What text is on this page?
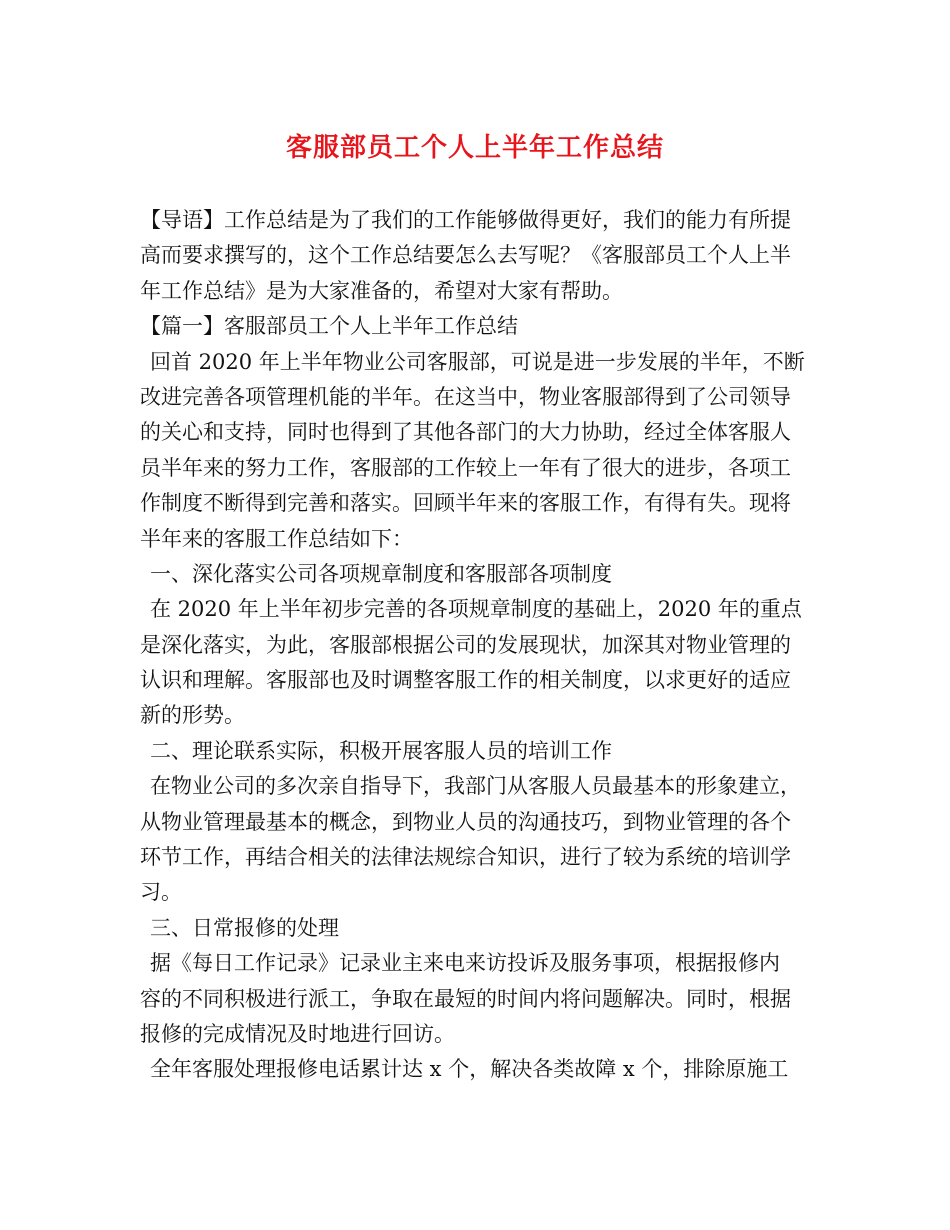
客服部员工个人上半年工作总结
【导语】工作总结是为了我们的工作能够做得更好，我们的能力有所提
高而要求撰写的，这个工作总结要怎么去写呢？《客服部员工个人上半
年工作总结》是为大家准备的，希望对大家有帮助。
【篇一】客服部员工个人上半年工作总结
回首 2020 年上半年物业公司客服部，可说是进一步发展的半年，不断
改进完善各项管理机能的半年。在这当中，物业客服部得到了公司领导
的关心和支持，同时也得到了其他各部门的大力协助，经过全体客服人
员半年来的努力工作，客服部的工作较上一年有了很大的进步，各项工
作制度不断得到完善和落实。回顾半年来的客服工作，有得有失。现将
半年来的客服工作总结如下：
一、深化落实公司各项规章制度和客服部各项制度
在 2020 年上半年初步完善的各项规章制度的基础上，2020 年的重点
是深化落实，为此，客服部根据公司的发展现状，加深其对物业管理的
认识和理解。客服部也及时调整客服工作的相关制度，以求更好的适应
新的形势。
二、理论联系实际，积极开展客服人员的培训工作
在物业公司的多次亲自指导下，我部门从客服人员最基本的形象建立，
从物业管理最基本的概念，到物业人员的沟通技巧，到物业管理的各个
环节工作，再结合相关的法律法规综合知识，进行了较为系统的培训学
习。
三、日常报修的处理
据《每日工作记录》记录业主来电来访投诉及服务事项，根据报修内
容的不同积极进行派工，争取在最短的时间内将问题解决。同时，根据
报修的完成情况及时地进行回访。
全年客服处理报修电话累计达 x 个，解决各类故障 x 个，排除原施工
